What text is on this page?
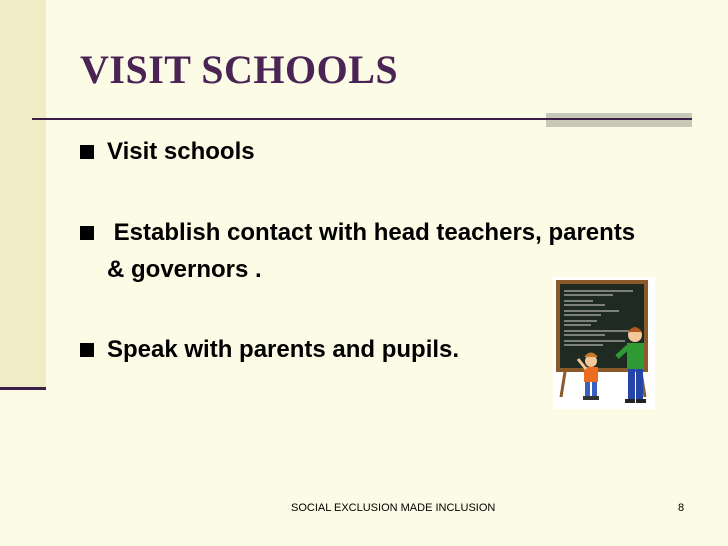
VISIT SCHOOLS
Visit schools
Establish contact with head teachers, parents & governors .
Speak with parents and pupils.
SOCIAL EXCLUSION MADE INCLUSION	8
